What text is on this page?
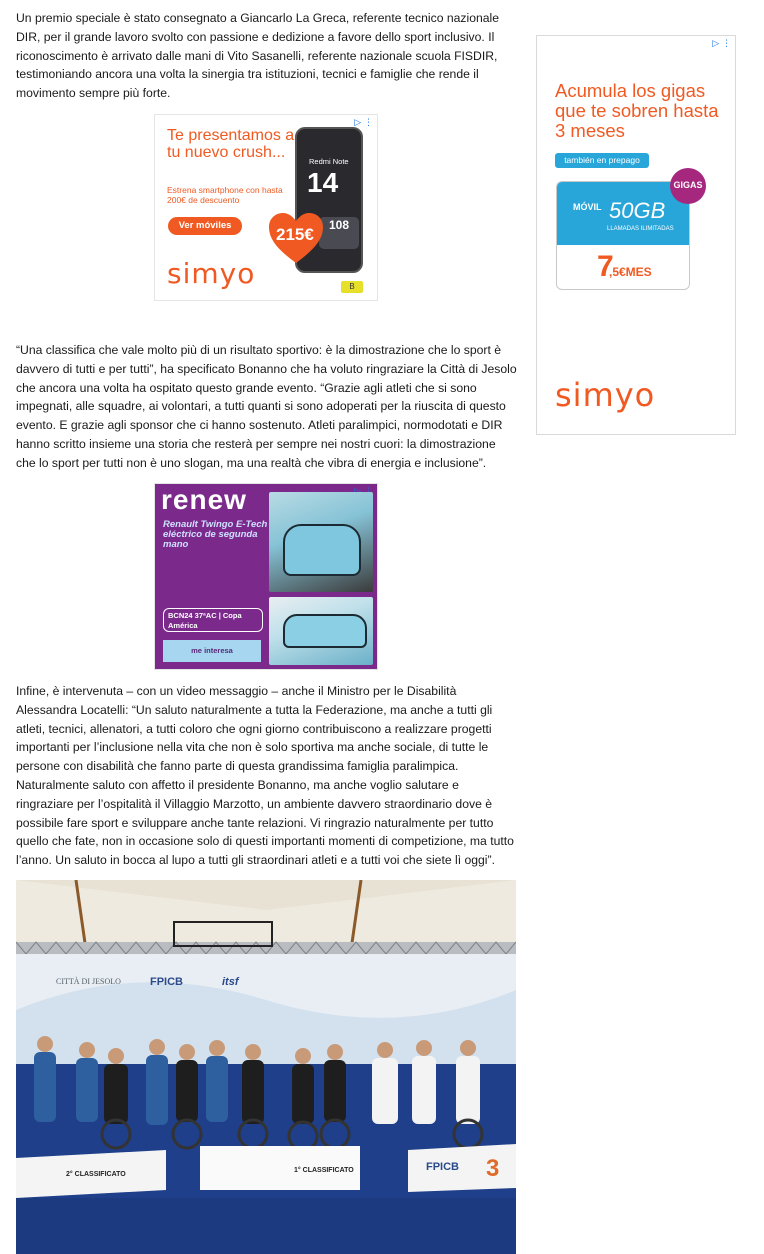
Un premio speciale è stato consegnato a Giancarlo La Greca, referente tecnico nazionale DIR, per il grande lavoro svolto con passione e dedizione a favore dello sport inclusivo. Il riconoscimento è arrivato dalle mani di Vito Sasanelli, referente nazionale scuola FISDIR, testimoniando ancora una volta la sinergia tra istituzioni, tecnici e famiglie che rende il movimento sempre più forte.

“Una classifica che vale molto più di un risultato sportivo: è la dimostrazione che lo sport è davvero di tutti e per tutti”, ha specificato Bonanno che ha voluto ringraziare la Città di Jesolo che ancora una volta ha ospitato questo grande evento. “Grazie agli atleti che si sono impegnati, alle squadre, ai volontari, a tutti quanti si sono adoperati per la riuscita di questo evento. E grazie agli sponsor che ci hanno sostenuto. Atleti paralimpici, normodotati e DIR hanno scritto insieme una storia che resterà per sempre nei nostri cuori: la dimostrazione che lo sport per tutti non è uno slogan, ma una realtà che vibra di energia e inclusione”.

Infine, è intervenuta – con un video messaggio – anche il Ministro per le Disabilità Alessandra Locatelli: “Un saluto naturalmente a tutta la Federazione, ma anche a tutti gli atleti, tecnici, allenatori, a tutti coloro che ogni giorno contribuiscono a realizzare progetti importanti per l’inclusione nella vita che non è solo sportiva ma anche sociale, di tutte le persone con disabilità che fanno parte di questa grandissima famiglia paralimpica. Naturalmente saluto con affetto il presidente Bonanno, ma anche voglio salutare e ringraziare per l’ospitalità il Villaggio Marzotto, un ambiente davvero straordinario dove è possibile fare sport e sviluppare anche tante relazioni. Vi ringrazio naturalmente per tutto quello che fate, non in occasione solo di questi importanti momenti di competizione, ma tutto l’anno. Un saluto in bocca al lupo a tutti gli straordinari atleti e a tutti voi che siete lì oggi”.

▷ ⋮
Te presentamos a tu nuevo crush...
Estrena smartphone con hasta 200€ de descuento
Ver móviles
Redmi Note
14
108
215€
B
simyo
renew
Renault Twingo E-Tech eléctrico de segunda mano
BCN24 37ªAC | Copa América
me interesa
▷ ⋮
Acumula los gigas que te sobren hasta 3 meses
también en prepago
MÓVIL 50GB
LLAMADAS ILIMITADAS
7
,5€MES
GIGAS
simyo
CITTÀ DI JESOLO	FPICB	itsf
2° CLASSIFICATO
1° CLASSIFICATO	FPICB 3
